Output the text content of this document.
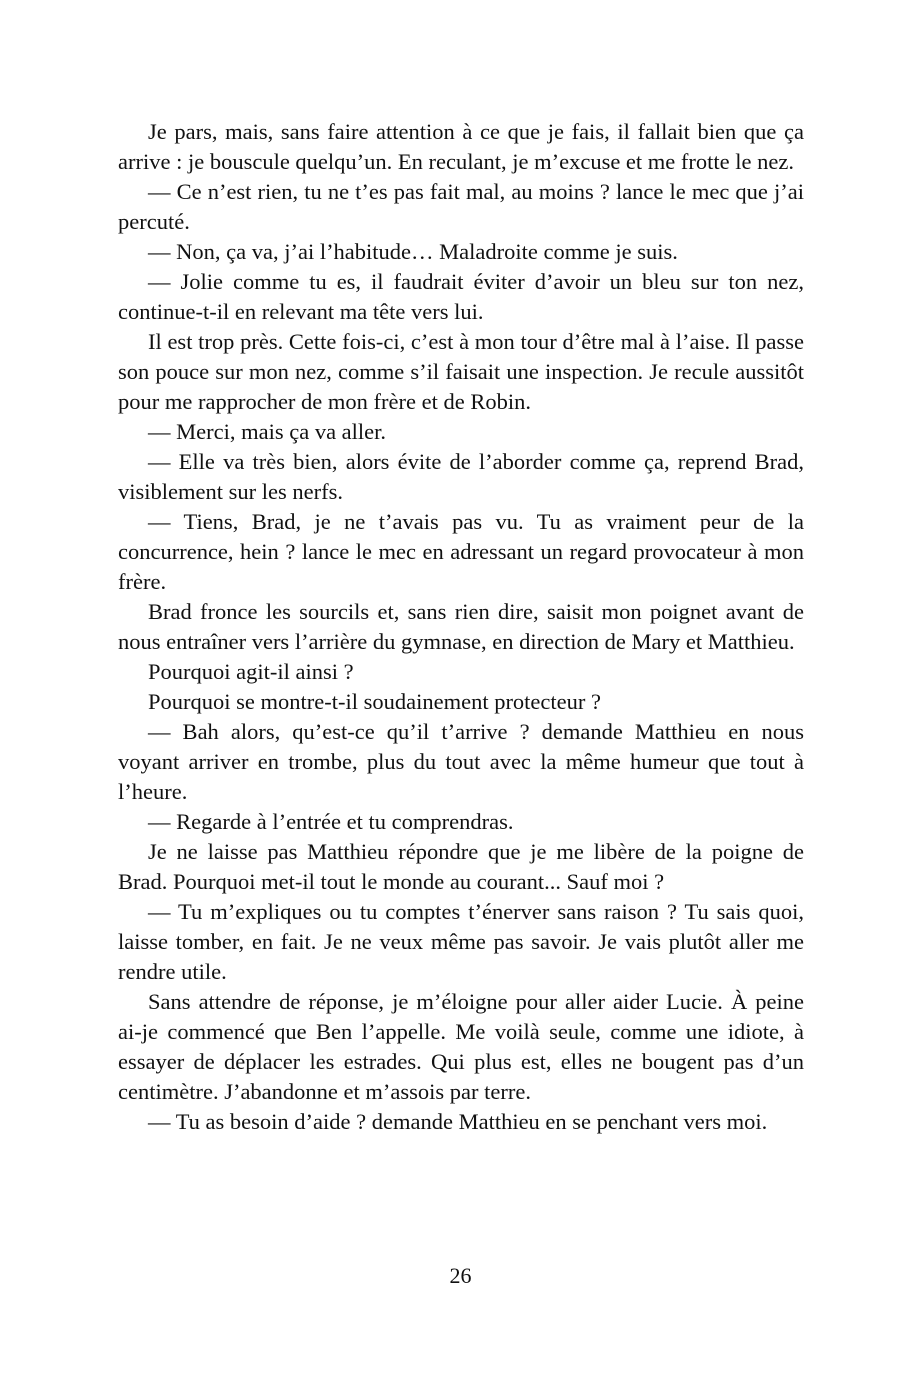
Je pars, mais, sans faire attention à ce que je fais, il fallait bien que ça arrive : je bouscule quelqu’un. En reculant, je m’excuse et me frotte le nez.

— Ce n’est rien, tu ne t’es pas fait mal, au moins ? lance le mec que j’ai percuté.

— Non, ça va, j’ai l’habitude… Maladroite comme je suis.

— Jolie comme tu es, il faudrait éviter d’avoir un bleu sur ton nez, continue-t-il en relevant ma tête vers lui.

Il est trop près. Cette fois-ci, c’est à mon tour d’être mal à l’aise. Il passe son pouce sur mon nez, comme s’il faisait une inspection. Je recule aussitôt pour me rapprocher de mon frère et de Robin.

— Merci, mais ça va aller.

— Elle va très bien, alors évite de l’aborder comme ça, reprend Brad, visiblement sur les nerfs.

— Tiens, Brad, je ne t’avais pas vu. Tu as vraiment peur de la concurrence, hein ? lance le mec en adressant un regard provocateur à mon frère.

Brad fronce les sourcils et, sans rien dire, saisit mon poignet avant de nous entraîner vers l’arrière du gymnase, en direction de Mary et Matthieu.

Pourquoi agit-il ainsi ?

Pourquoi se montre-t-il soudainement protecteur ?

— Bah alors, qu’est-ce qu’il t’arrive ? demande Matthieu en nous voyant arriver en trombe, plus du tout avec la même humeur que tout à l’heure.

— Regarde à l’entrée et tu comprendras.

Je ne laisse pas Matthieu répondre que je me libère de la poigne de Brad. Pourquoi met-il tout le monde au courant... Sauf moi ?

— Tu m’expliques ou tu comptes t’énerver sans raison ? Tu sais quoi, laisse tomber, en fait. Je ne veux même pas savoir. Je vais plutôt aller me rendre utile.

Sans attendre de réponse, je m’éloigne pour aller aider Lucie. À peine ai-je commencé que Ben l’appelle. Me voilà seule, comme une idiote, à essayer de déplacer les estrades. Qui plus est, elles ne bougent pas d’un centimètre. J’abandonne et m’assois par terre.

— Tu as besoin d’aide ? demande Matthieu en se penchant vers moi.

26
